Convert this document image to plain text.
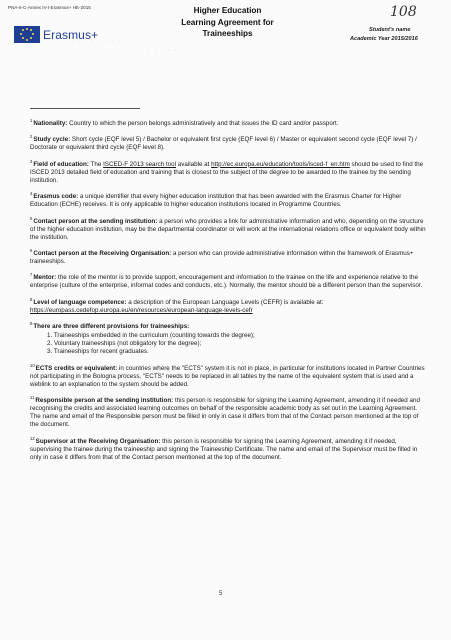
PNA-II-C-Annex IV-I-Erasmus+ HE-2015
· · · · · · · · ·
· · · · · ·
Erasmus+
Higher Education
Learning Agreement for
Traineeships
108
Student's name
Academic Year 2015/2016

$^1$Nationality: Country to which the person belongs administratively and that issues the ID card and/or passport.

$^2$Study cycle: Short cycle (EQF level 5) / Bachelor or equivalent first cycle (EQF level 6) / Master or equivalent second cycle (EQF level 7) / Doctorate or equivalent third cycle (EQF level 8).

$^3$Field of education: The ISCED-F 2013 search tool available at http://ec.europa.eu/education/tools/isced-f_en.htm should be used to find the ISCED 2013 detailed field of education and training that is closest to the subject of the degree to be awarded to the trainee by the sending institution.

$^4$Erasmus code: a unique identifier that every higher education institution that has been awarded with the Erasmus Charter for Higher Education (ECHE) receives. It is only applicable to higher education institutions located in Programme Countries.

$^5$Contact person at the sending institution: a person who provides a link for administrative information and who, depending on the structure of the higher education institution, may be the departmental coordinator or will work at the international relations office or equivalent body within the institution.

$^6$Contact person at the Receiving Organisation: a person who can provide administrative information within the framework of Erasmus+ traineeships.

$^7$Mentor: the role of the mentor is to provide support, encouragement and information to the trainee on the life and experience relative to the enterprise (culture of the enterprise, informal codes and conducts, etc.). Normally, the mentor should be a different person than the supervisor.

$^8$Level of language competence: a description of the European Language Levels (CEFR) is available at:
https://europass.cedefop.europa.eu/en/resources/european-language-levels-cefr

$^9$There are three different provisions for traineeships:
1. Traineeships embedded in the curriculum (counting towards the degree);
2. Voluntary traineeships (not obligatory for the degree);
3. Traineeships for recent graduates.

$^{10}$ECTS credits or equivalent: in countries where the "ECTS" system it is not in place, in particular for institutions located in Partner Countries not participating in the Bologna process, "ECTS" needs to be replaced in all tables by the name of the equivalent system that is used and a weblink to an explanation to the system should be added.

$^{11}$Responsible person at the sending institution: this person is responsible for signing the Learning Agreement, amending it if needed and recognising the credits and associated learning outcomes on behalf of the responsible academic body as set out in the Learning Agreement. The name and email of the Responsible person must be filled in only in case it differs from that of the Contact person mentioned at the top of the document.

$^{12}$Supervisor at the Receiving Organisation: this person is responsible for signing the Learning Agreement, amending it if needed, supervising the trainee during the traineeship and signing the Traineeship Certificate. The name and email of the Supervisor must be filled in only in case it differs from that of the Contact person mentioned at the top of the document.

5
